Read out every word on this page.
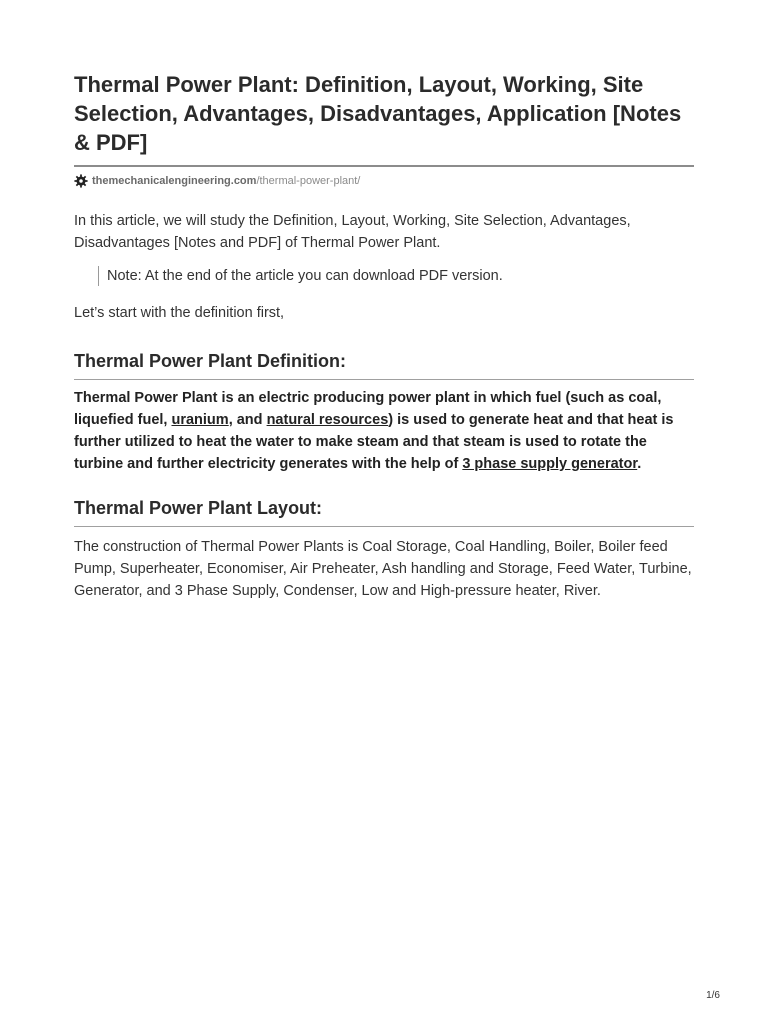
Thermal Power Plant: Definition, Layout, Working, Site Selection, Advantages, Disadvantages, Application [Notes & PDF]
themechanicalengineering.com /thermal-power-plant/

In this article, we will study the Definition, Layout, Working, Site Selection, Advantages, Disadvantages [Notes and PDF] of Thermal Power Plant.

Note: At the end of the article you can download PDF version.

Let’s start with the definition first,

Thermal Power Plant Definition:

Thermal Power Plant is an electric producing power plant in which fuel (such as coal, liquefied fuel, uranium, and natural resources) is used to generate heat and that heat is further utilized to heat the water to make steam and that steam is used to rotate the turbine and further electricity generates with the help of 3 phase supply generator.

Thermal Power Plant Layout:

The construction of Thermal Power Plants is Coal Storage, Coal Handling, Boiler, Boiler feed Pump, Superheater, Economiser, Air Preheater, Ash handling and Storage, Feed Water, Turbine, Generator, and 3 Phase Supply, Condenser, Low and High-pressure heater, River.

1/6
